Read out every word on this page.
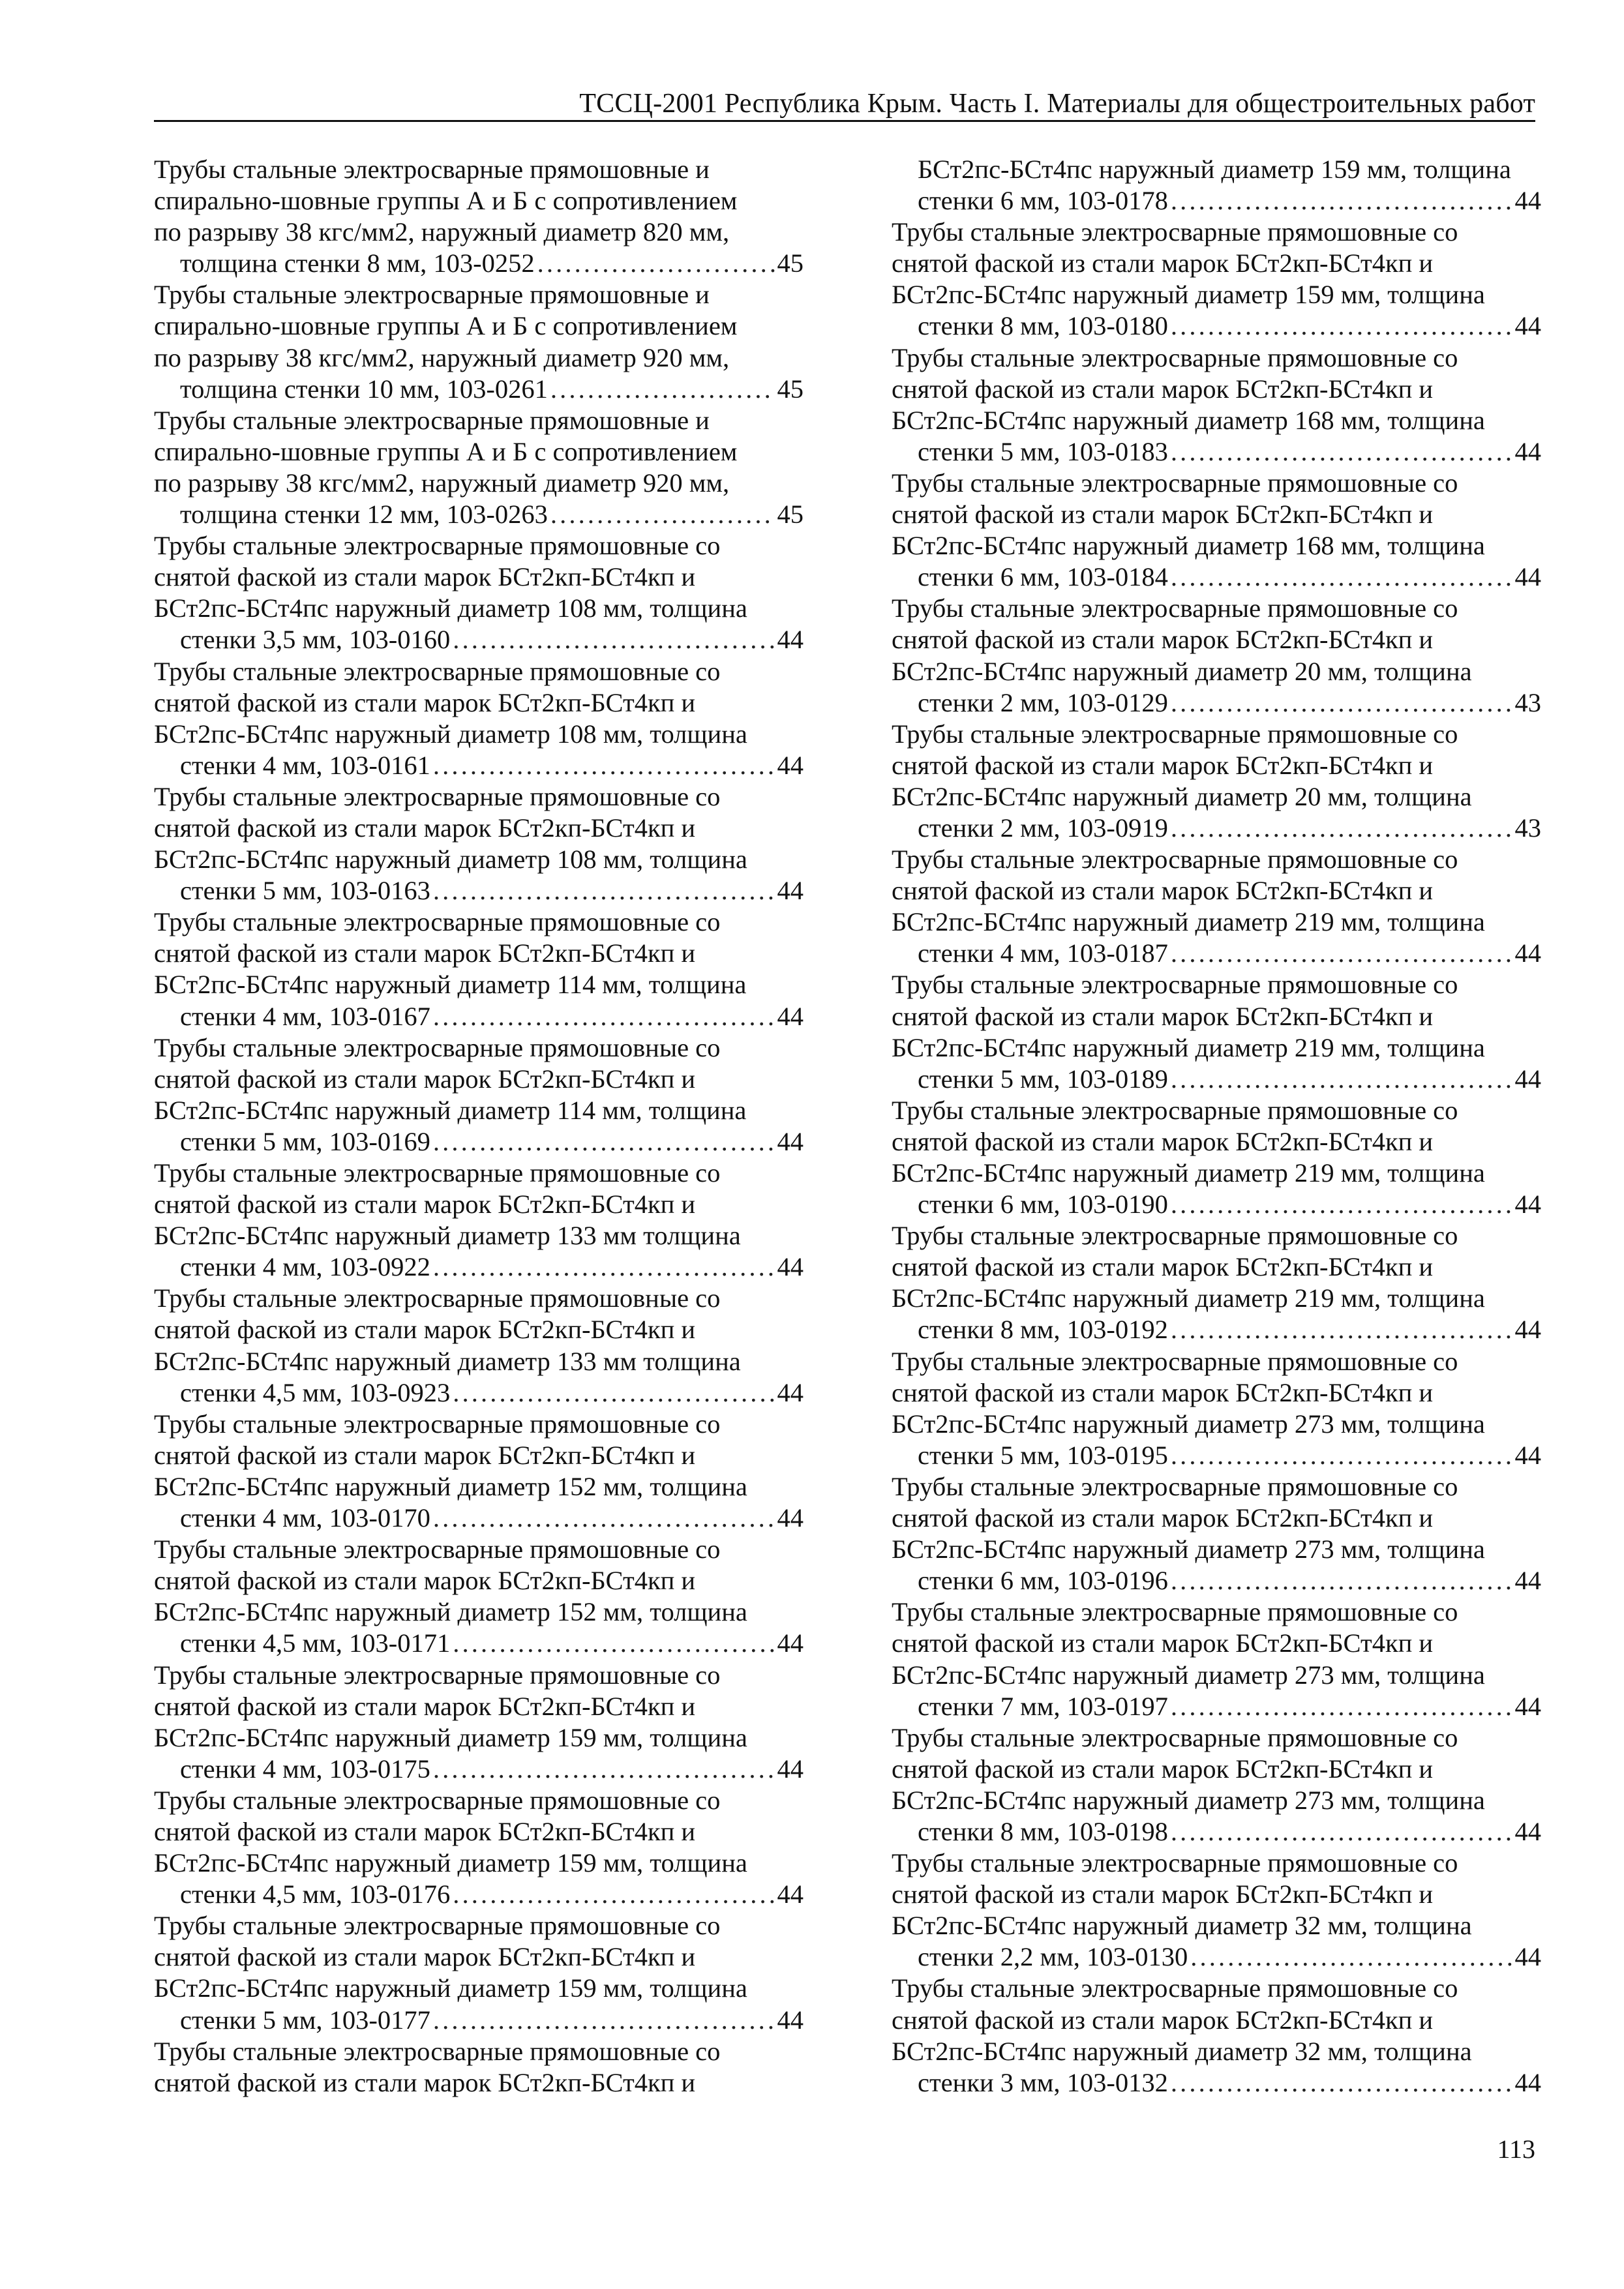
ТССЦ-2001 Республика Крым. Часть I. Материалы для общестроительных работ
Трубы стальные электросварные прямошовные и
спирально-шовные группы А и Б с сопротивлением
по разрыву 38 кгс/мм2, наружный диаметр 820 мм,
толщина стенки 8 мм, 103-0252 . . .	45
Трубы стальные электросварные прямошовные и
спирально-шовные группы А и Б с сопротивлением
по разрыву 38 кгс/мм2, наружный диаметр 920 мм,
толщина стенки 10 мм, 103-0261 . . .	45
Трубы стальные электросварные прямошовные и
спирально-шовные группы А и Б с сопротивлением
по разрыву 38 кгс/мм2, наружный диаметр 920 мм,
толщина стенки 12 мм, 103-0263 . . .	45
Трубы стальные электросварные прямошовные со
снятой фаской из стали марок БСт2кп-БСт4кп и
БСт2пс-БСт4пс наружный диаметр 108 мм, толщина
стенки 3,5 мм, 103-0160 . . .	44
Трубы стальные электросварные прямошовные со
снятой фаской из стали марок БСт2кп-БСт4кп и
БСт2пс-БСт4пс наружный диаметр 108 мм, толщина
стенки 4 мм, 103-0161 . . .	44
Трубы стальные электросварные прямошовные со
снятой фаской из стали марок БСт2кп-БСт4кп и
БСт2пс-БСт4пс наружный диаметр 108 мм, толщина
стенки 5 мм, 103-0163 . . .	44
Трубы стальные электросварные прямошовные со
снятой фаской из стали марок БСт2кп-БСт4кп и
БСт2пс-БСт4пс наружный диаметр 114 мм, толщина
стенки 4 мм, 103-0167 . . .	44
Трубы стальные электросварные прямошовные со
снятой фаской из стали марок БСт2кп-БСт4кп и
БСт2пс-БСт4пс наружный диаметр 114 мм, толщина
стенки 5 мм, 103-0169 . . .	44
Трубы стальные электросварные прямошовные со
снятой фаской из стали марок БСт2кп-БСт4кп и
БСт2пс-БСт4пс наружный диаметр 133 мм толщина
стенки 4 мм, 103-0922 . . .	44
Трубы стальные электросварные прямошовные со
снятой фаской из стали марок БСт2кп-БСт4кп и
БСт2пс-БСт4пс наружный диаметр 133 мм толщина
стенки 4,5 мм, 103-0923 . . .	44
Трубы стальные электросварные прямошовные со
снятой фаской из стали марок БСт2кп-БСт4кп и
БСт2пс-БСт4пс наружный диаметр 152 мм, толщина
стенки 4 мм, 103-0170 . . .	44
Трубы стальные электросварные прямошовные со
снятой фаской из стали марок БСт2кп-БСт4кп и
БСт2пс-БСт4пс наружный диаметр 152 мм, толщина
стенки 4,5 мм, 103-0171 . . .	44
Трубы стальные электросварные прямошовные со
снятой фаской из стали марок БСт2кп-БСт4кп и
БСт2пс-БСт4пс наружный диаметр 159 мм, толщина
стенки 4 мм, 103-0175 . . .	44
Трубы стальные электросварные прямошовные со
снятой фаской из стали марок БСт2кп-БСт4кп и
БСт2пс-БСт4пс наружный диаметр 159 мм, толщина
стенки 4,5 мм, 103-0176 . . .	44
Трубы стальные электросварные прямошовные со
снятой фаской из стали марок БСт2кп-БСт4кп и
БСт2пс-БСт4пс наружный диаметр 159 мм, толщина
стенки 5 мм, 103-0177 . . .	44
Трубы стальные электросварные прямошовные со
снятой фаской из стали марок БСт2кп-БСт4кп и
БСт2пс-БСт4пс наружный диаметр 159 мм, толщина
стенки 6 мм, 103-0178 . . .	44
Трубы стальные электросварные прямошовные со
снятой фаской из стали марок БСт2кп-БСт4кп и
БСт2пс-БСт4пс наружный диаметр 159 мм, толщина
стенки 8 мм, 103-0180 . . .	44
Трубы стальные электросварные прямошовные со
снятой фаской из стали марок БСт2кп-БСт4кп и
БСт2пс-БСт4пс наружный диаметр 168 мм, толщина
стенки 5 мм, 103-0183 . . .	44
Трубы стальные электросварные прямошовные со
снятой фаской из стали марок БСт2кп-БСт4кп и
БСт2пс-БСт4пс наружный диаметр 168 мм, толщина
стенки 6 мм, 103-0184 . . .	44
Трубы стальные электросварные прямошовные со
снятой фаской из стали марок БСт2кп-БСт4кп и
БСт2пс-БСт4пс наружный диаметр 20 мм, толщина
стенки 2 мм, 103-0129 . . .	43
Трубы стальные электросварные прямошовные со
снятой фаской из стали марок БСт2кп-БСт4кп и
БСт2пс-БСт4пс наружный диаметр 20 мм, толщина
стенки 2 мм, 103-0919 . . .	43
Трубы стальные электросварные прямошовные со
снятой фаской из стали марок БСт2кп-БСт4кп и
БСт2пс-БСт4пс наружный диаметр 219 мм, толщина
стенки 4 мм, 103-0187 . . .	44
Трубы стальные электросварные прямошовные со
снятой фаской из стали марок БСт2кп-БСт4кп и
БСт2пс-БСт4пс наружный диаметр 219 мм, толщина
стенки 5 мм, 103-0189 . . .	44
Трубы стальные электросварные прямошовные со
снятой фаской из стали марок БСт2кп-БСт4кп и
БСт2пс-БСт4пс наружный диаметр 219 мм, толщина
стенки 6 мм, 103-0190 . . .	44
Трубы стальные электросварные прямошовные со
снятой фаской из стали марок БСт2кп-БСт4кп и
БСт2пс-БСт4пс наружный диаметр 219 мм, толщина
стенки 8 мм, 103-0192 . . .	44
Трубы стальные электросварные прямошовные со
снятой фаской из стали марок БСт2кп-БСт4кп и
БСт2пс-БСт4пс наружный диаметр 273 мм, толщина
стенки 5 мм, 103-0195 . . .	44
Трубы стальные электросварные прямошовные со
снятой фаской из стали марок БСт2кп-БСт4кп и
БСт2пс-БСт4пс наружный диаметр 273 мм, толщина
стенки 6 мм, 103-0196 . . .	44
Трубы стальные электросварные прямошовные со
снятой фаской из стали марок БСт2кп-БСт4кп и
БСт2пс-БСт4пс наружный диаметр 273 мм, толщина
стенки 7 мм, 103-0197 . . .	44
Трубы стальные электросварные прямошовные со
снятой фаской из стали марок БСт2кп-БСт4кп и
БСт2пс-БСт4пс наружный диаметр 273 мм, толщина
стенки 8 мм, 103-0198 . . .	44
Трубы стальные электросварные прямошовные со
снятой фаской из стали марок БСт2кп-БСт4кп и
БСт2пс-БСт4пс наружный диаметр 32 мм, толщина
стенки 2,2 мм, 103-0130 . . .	44
Трубы стальные электросварные прямошовные со
снятой фаской из стали марок БСт2кп-БСт4кп и
БСт2пс-БСт4пс наружный диаметр 32 мм, толщина
стенки 3 мм, 103-0132 . . .	44
113
